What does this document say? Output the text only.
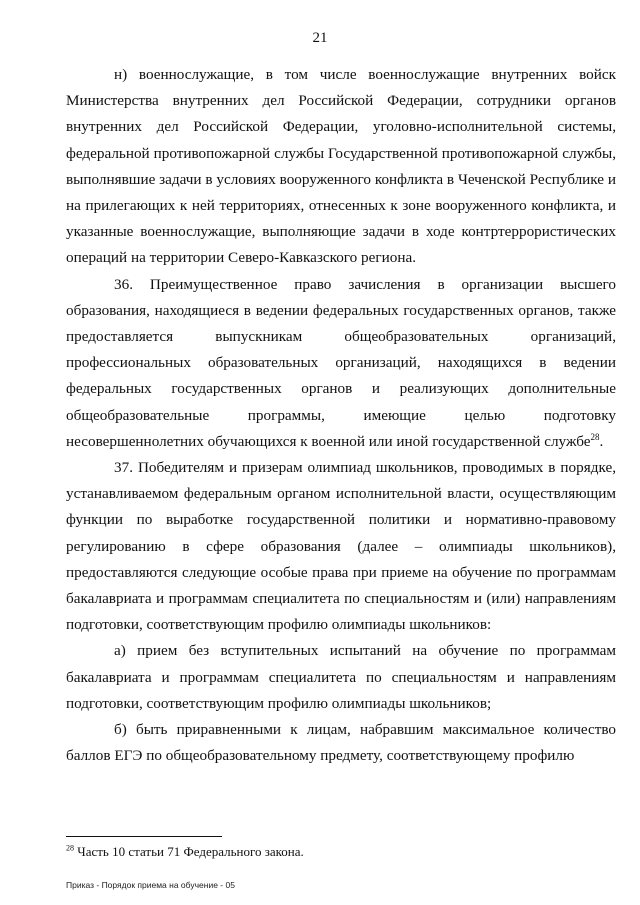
21

н) военнослужащие, в том числе военнослужащие внутренних войск Министерства внутренних дел Российской Федерации, сотрудники органов внутренних дел Российской Федерации, уголовно-исполнительной системы, федеральной противопожарной службы Государственной противопожарной службы, выполнявшие задачи в условиях вооруженного конфликта в Чеченской Республике и на прилегающих к ней территориях, отнесенных к зоне вооруженного конфликта, и указанные военнослужащие, выполняющие задачи в ходе контртеррористических операций на территории Северо-Кавказского региона.

36. Преимущественное право зачисления в организации высшего образования, находящиеся в ведении федеральных государственных органов, также предоставляется выпускникам общеобразовательных организаций, профессиональных образовательных организаций, находящихся в ведении федеральных государственных органов и реализующих дополнительные общеобразовательные программы, имеющие целью подготовку несовершеннолетних обучающихся к военной или иной государственной службе$^{28}$.

37. Победителям и призерам олимпиад школьников, проводимых в порядке, устанавливаемом федеральным органом исполнительной власти, осуществляющим функции по выработке государственной политики и нормативно-правовому регулированию в сфере образования (далее – олимпиады школьников), предоставляются следующие особые права при приеме на обучение по программам бакалавриата и программам специалитета по специальностям и (или) направлениям подготовки, соответствующим профилю олимпиады школьников:

а) прием без вступительных испытаний на обучение по программам бакалавриата и программам специалитета по специальностям и направлениям подготовки, соответствующим профилю олимпиады школьников;

б) быть приравненными к лицам, набравшим максимальное количество баллов ЕГЭ по общеобразовательному предмету, соответствующему профилю

$^{28}$ Часть 10 статьи 71 Федерального закона.
Приказ - Порядок приема на обучение - 05
